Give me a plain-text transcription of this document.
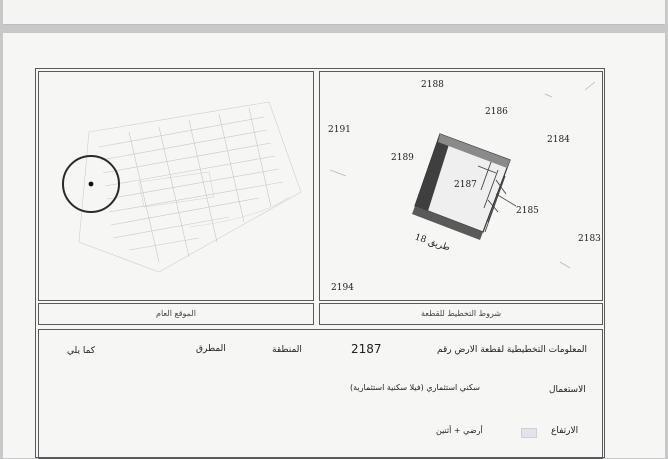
2188
2186
2191
2184
2189
2187
2185
2183
2194
طريق 18
الموقع العام	شروط التخطيط للقطعة
المعلومات التخطيطية لقطعة الارض رقم
2187
المنطقة
المطرق
كما يلي
الاستعمال
سكني استثماري (فيلا سكنية استثمارية)
الارتفاع
أرضي + أثنين
